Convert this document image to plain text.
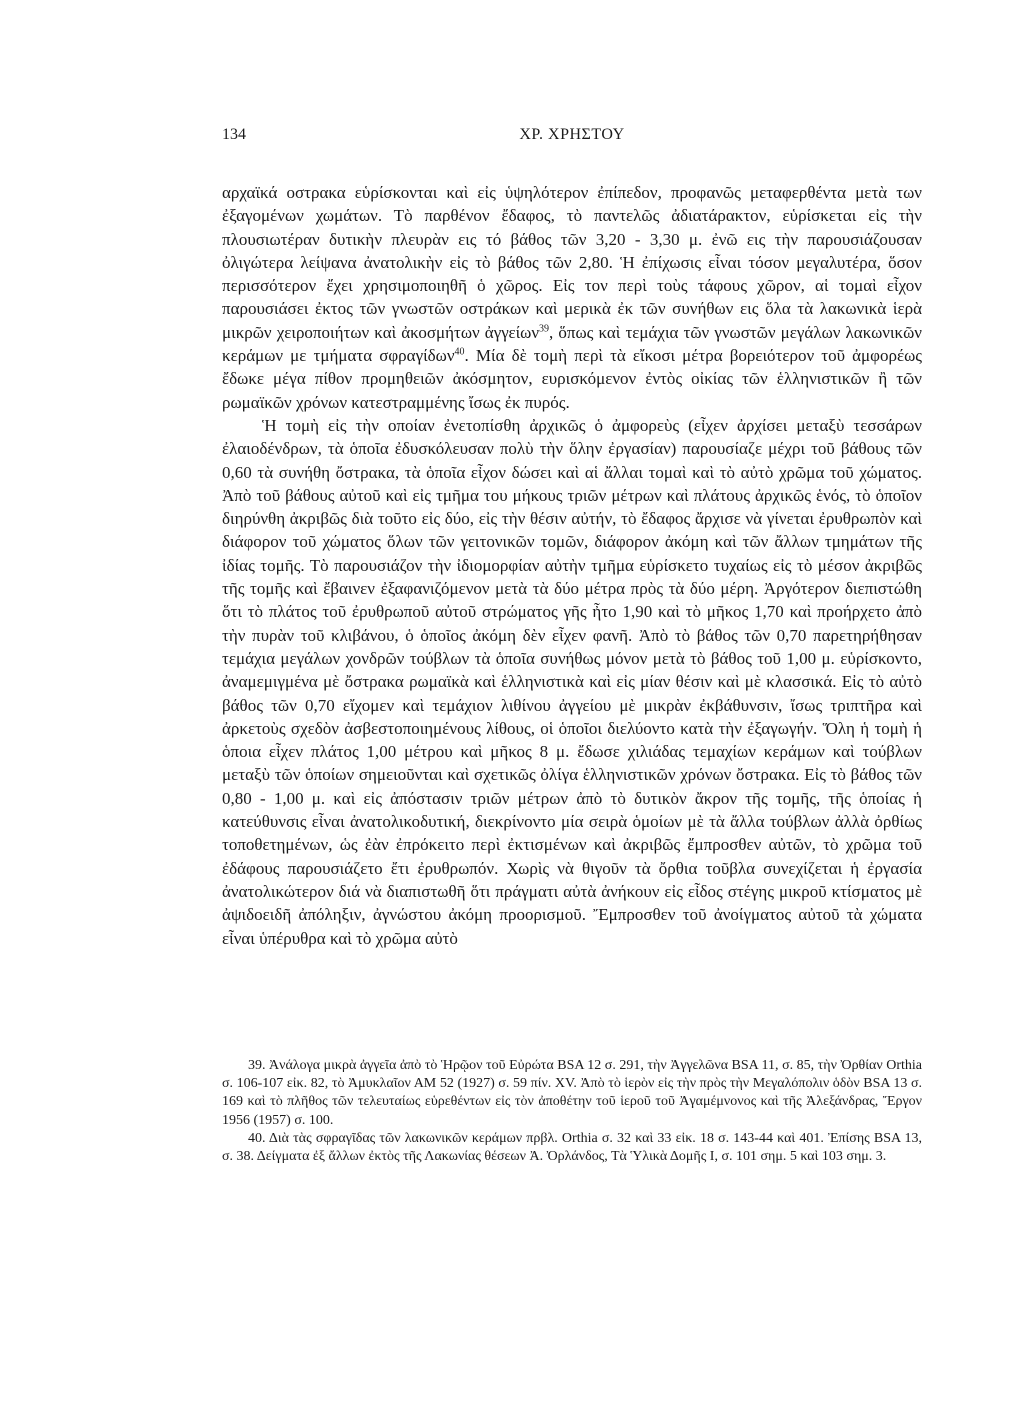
ΧΡ. ΧΡΗΣΤΟΥ
134

αρχαϊκά οστρακα εὑρίσκονται καὶ εἰς ὑψηλότερον ἐπίπεδον, προφανῶς μεταφερθέντα μετὰ των ἐξαγομένων χωμάτων. Τὸ παρθένον ἔδαφος, τὸ παντελῶς ἀδιατάρακτον, εὑρίσκεται εἰς τὴν πλουσιωτέραν δυτικὴν πλευρὰν εις τό βάθος τῶν 3,20 - 3,30 μ. ἐνῶ εις τὴν παρουσιάζουσαν ὀλιγώτερα λείψανα ἀνατολικὴν εἰς τὸ βάθος τῶν 2,80. Ἡ ἐπίχωσις εἶναι τόσον μεγαλυτέρα, ὅσον περισσότερον ἔχει χρησιμοποιηθῆ ὁ χῶρος. Εἰς τον περὶ τοὺς τάφους χῶρον, αἱ τομαὶ εἶχον παρουσιάσει ἐκτος τῶν γνωστῶν οστράκων καὶ μερικὰ ἐκ τῶν συνήθων εις ὅλα τὰ λακωνικὰ ἱερὰ μικρῶν χειροποιήτων καὶ ἀκοσμήτων ἀγγείων$^{39}$, ὅπως καὶ τεμάχια τῶν γνωστῶν μεγάλων λακωνικῶν κεράμων με τμήματα σφραγίδων$^{40}$. Μία δὲ τομὴ περὶ τὰ εἴκοσι μέτρα βορειότερον τοῦ ἀμφορέως ἔδωκε μέγα πίθον προμηθειῶν ἀκόσμητον, ευρισκόμενον ἐντὸς οἰκίας τῶν ἑλληνιστικῶν ἢ τῶν ρωμαϊκῶν χρόνων κατεστραμμένης ἴσως ἐκ πυρός.

Ἡ τομὴ εἰς τὴν οποίαν ἐνετοπίσθη ἀρχικῶς ὁ ἀμφορεὺς (εἶχεν ἀρχίσει μεταξὺ τεσσάρων ἐλαιοδένδρων, τὰ ὁποῖα ἐδυσκόλευσαν πολὺ τὴν ὅλην ἐργασίαν) παρουσίαζε μέχρι τοῦ βάθους τῶν 0,60 τὰ συνήθη ὄστρακα, τὰ ὁποῖα εἶχον δώσει καὶ αἱ ἄλλαι τομαὶ καὶ τὸ αὐτὸ χρῶμα τοῦ χώματος. Ἀπὸ τοῦ βάθους αὐτοῦ καὶ εἰς τμῆμα του μήκους τριῶν μέτρων καὶ πλάτους ἀρχικῶς ἑνός, τὸ ὁποῖον διηρύνθη ἀκριβῶς διὰ τοῦτο εἰς δύο, εἰς τὴν θέσιν αὐτήν, τὸ ἔδαφος ἄρχισε νὰ γίνεται ἐρυθρωπὸν καὶ διάφορον τοῦ χώματος ὅλων τῶν γειτονικῶν τομῶν, διάφορον ἀκόμη καὶ τῶν ἄλλων τμημάτων τῆς ἰδίας τομῆς. Τὸ παρουσιάζον τὴν ἰδιομορφίαν αὐτὴν τμῆμα εὑρίσκετο τυχαίως εἰς τὸ μέσον ἀκριβῶς τῆς τομῆς καὶ ἔβαινεν ἐξαφανιζόμενον μετὰ τὰ δύο μέτρα πρὸς τὰ δύο μέρη. Ἀργότερον διεπιστώθη ὅτι τὸ πλάτος τοῦ ἐρυθρωποῦ αὐτοῦ στρώματος γῆς ἦτο 1,90 καὶ τὸ μῆκος 1,70 καὶ προήρχετο ἀπὸ τὴν πυρὰν τοῦ κλιβάνου, ὁ ὁποῖος ἀκόμη δὲν εἶχεν φανῆ. Ἀπὸ τὸ βάθος τῶν 0,70 παρετηρήθησαν τεμάχια μεγάλων χονδρῶν τούβλων τὰ ὁποῖα συνήθως μόνον μετὰ τὸ βάθος τοῦ 1,00 μ. εὑρίσκοντο, ἀναμεμιγμένα μὲ ὄστρακα ρωμαϊκὰ καὶ ἑλληνιστικὰ καὶ εἰς μίαν θέσιν καὶ μὲ κλασσικά. Εἰς τὸ αὐτὸ βάθος τῶν 0,70 εἴχομεν καὶ τεμάχιον λιθίνου ἀγγείου μὲ μικρὰν ἐκβάθυνσιν, ἴσως τριπτῆρα καὶ ἀρκετοὺς σχεδὸν ἀσβεστοποιημένους λίθους, οἱ ὁποῖοι διελύοντο κατὰ τὴν ἐξαγωγήν. Ὅλη ἡ τομὴ ἡ ὁποια εἶχεν πλάτος 1,00 μέτρου καὶ μῆκος 8 μ. ἔδωσε χιλιάδας τεμαχίων κεράμων καὶ τούβλων μεταξὺ τῶν ὁποίων σημειοῦνται καὶ σχετικῶς ὀλίγα ἑλληνιστικῶν χρόνων ὄστρακα. Εἰς τὸ βάθος τῶν 0,80 - 1,00 μ. καὶ εἰς ἀπόστασιν τριῶν μέτρων ἀπὸ τὸ δυτικὸν ἄκρον τῆς τομῆς, τῆς ὁποίας ἡ κατεύθυνσις εἶναι ἀνατολικοδυτική, διεκρίνοντο μία σειρὰ ὁμοίων μὲ τὰ ἄλλα τούβλων ἀλλὰ ὀρθίως τοποθετημένων, ὡς ἐὰν ἐπρόκειτο περὶ ἐκτισμένων καὶ ἀκριβῶς ἔμπροσθεν αὐτῶν, τὸ χρῶμα τοῦ ἐδάφους παρουσιάζετο ἔτι ἐρυθρωπόν. Χωρὶς νὰ θιγοῦν τὰ ὄρθια τοῦβλα συνεχίζεται ἡ ἐργασία ἀνατολικώτερον διά νὰ διαπιστωθῆ ὅτι πράγματι αὐτὰ ἀνήκουν εἰς εἶδος στέγης μικροῦ κτίσματος μὲ ἀψιδοειδῆ ἀπόληξιν, ἀγνώστου ἀκόμη προορισμοῦ. Ἔμπροσθεν τοῦ ἀνοίγματος αὐτοῦ τὰ χώματα εἶναι ὑπέρυθρα καὶ τὸ χρῶμα αὐτὸ

39. Ἀνάλογα μικρὰ ἀγγεῖα ἀπὸ τὸ Ἡρῷον τοῦ Εὐρώτα BSA 12 σ. 291, τὴν Ἀγγελῶνα BSA 11, σ. 85, τὴν Ὀρθίαν Orthia σ. 106-107 εἰκ. 82, τὸ Ἀμυκλαῖον ΑΜ 52 (1927) σ. 59 πίν. XV. Ἀπὸ τὸ ἱερὸν εἰς τὴν πρὸς τὴν Μεγαλόπολιν ὁδὸν BSA 13 σ. 169 καὶ τὸ πλῆθος τῶν τελευταίως εὑρεθέντων εἰς τὸν ἀποθέτην τοῦ ἱεροῦ τοῦ Ἀγαμέμνονος καὶ τῆς Ἀλεξάνδρας, Ἔργον 1956 (1957) σ. 100.

40. Διὰ τὰς σφραγῖδας τῶν λακωνικῶν κεράμων πρβλ. Orthia σ. 32 καὶ 33 εἰκ. 18 σ. 143-44 καὶ 401. Ἐπίσης BSA 13, σ. 38. Δείγματα ἐξ ἄλλων ἐκτὸς τῆς Λακωνίας θέσεων Ἀ. Ὀρλάνδος, Τὰ Ὑλικὰ Δομῆς Ι, σ. 101 σημ. 5 καὶ 103 σημ. 3.
